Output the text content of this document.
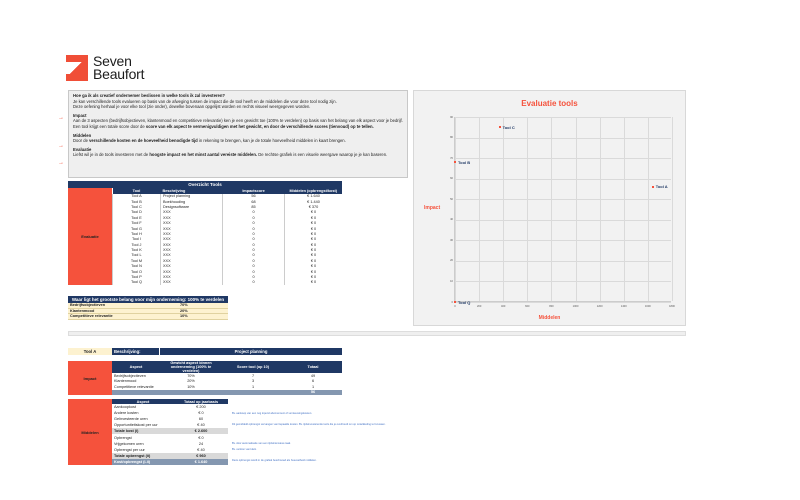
Seven
Beaufort
→
→
→
Hoe ga ik als creatief ondernemer beslissen in welke tools ik zal investeren?
Je kan verschillende tools evalueren op basis van de afweging tussen de impact die de tool heeft en de middelen die voor deze tool nodig zijn.
Deze oefening herhaal je voor elke tool (zie onder), dewelke bovenaan opgelijst worden en rechts visueel weergegeven worden.
Impact
Aan de 3 aspecten (bedrijfsobjectieven, klantenmood en competitieve relevantie) ken je een gewicht toe (100% te verdelen) op basis van het belang van elk aspect voor je bedrijf.
Een tool krijgt een totale score door de score van elk aspect te vermenigvuldigen met het gewicht, en door de verschillende scores (tienvoud) op te tellen.
Middelen
Door de verschillende kosten en de hoeveelheid benodigde tijd in rekening te brengen, kan je de totale hoeveelheid middelen in kaart brengen.
Evaluatie
Liefst wil je in de tools investeren met de hoogste impact en het minst aantal vereiste middelen. De rechtse grafiek is een visuele weergave waarop je je kan baseren.
Overzicht Tools
Evaluatie
Tool	Beschrijving	Impactscore	Middelen (opbrengst/kost)
Tool A	Project planning	56	€ 1.640
Tool B	Boekhouding	68	€ 1.440
Tool C	Designsoftware	85	€ 370
Tool D	XXX	0	€ 0
Tool E	XXX	0	€ 0
Tool F	XXX	0	€ 0
Tool G	XXX	0	€ 0
Tool H	XXX	0	€ 0
Tool I	XXX	0	€ 0
Tool J	XXX	0	€ 0
Tool K	XXX	0	€ 0
Tool L	XXX	0	€ 0
Tool M	XXX	0	€ 0
Tool N	XXX	0	€ 0
Tool O	XXX	0	€ 0
Tool P	XXX	0	€ 0
Tool Q	XXX	0	€ 0
Waar ligt het grootste belang voor mijn onderneming: 100% te verdelen
Bedrijfsobjectieven	70%
Klantenmood	20%
Competitieve relevantie	10%
Evaluatie tools
Impact
Middelen
0
10
20
30
40
50
60
70
80
90
0	200	400	600	800	1000	1200	1400	1600	1800
Tool A
Tool B
Tool C
Tool Q
Tool A	Beschrijving:	Project planning
Impact
Aspect	Gewicht aspect binnen onderneming (100% te verdelen)	Score tool (op 10)	Totaal
Bedrijfsobjectieven	70%	7	49
Klantenmood	20%	3	6
Competitieve relevantie	10%	1	1
			56
Middelen
Aspect	Totaal op jaarbasis
Aankoopkost	€ 200
Andere kosten	€ 0
Geïnvesteerde uren	60
Opportuniteitskost per uur	€ 40
Totale kost (i)	€ 2.600
Opbrengst	€ 0
Vrijgekomen uren	24
Opbrengst per uur	€ 40
Totale opbrengst (ii)	€ 960
Kost/opbrengst (i-ii)	€ 1.640
Bv. aankoop van een nog lopend abonnement of vernieuwingskosten.
Dit gemiddeld opbrengst vervangen van bepaalde kosten. Bv. tijdsinvesterende tools die je overhoudt om op ontwikkeling te focussen.
Bv. door automatisatie van een tijdsintensieve taak.
Bv. uurloon van klant.
Deze opbrengst wordt in de grafiek beschouwd als hoeveelheid middelen.
